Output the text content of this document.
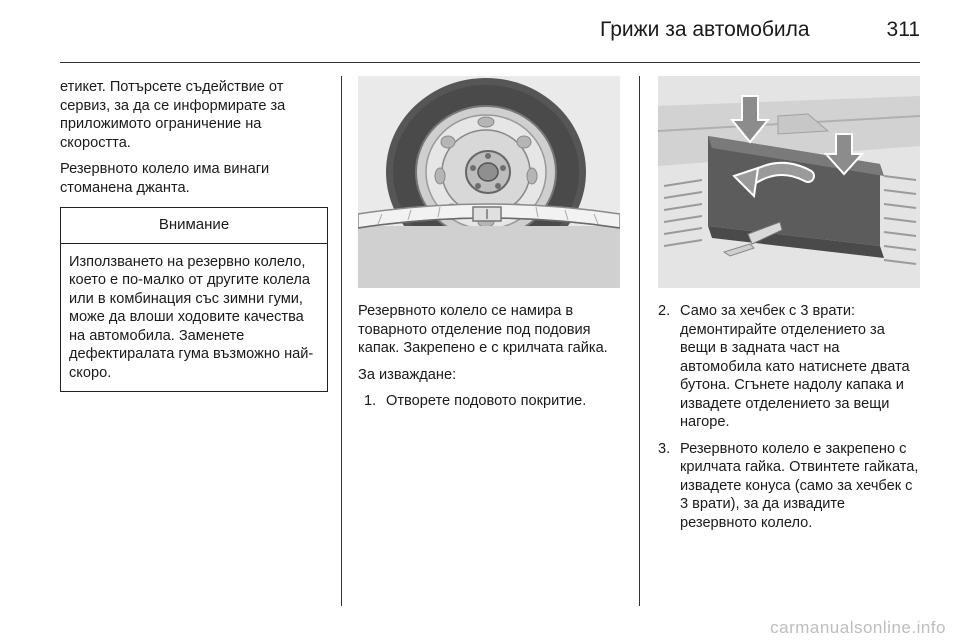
Грижи за автомобила	311

етикет. Потърсете съдействие от сервиз, за да се информирате за приложимото ограничение на скоростта.

Резервното колело има винаги стоманена джанта.

Внимание
Използването на резервно колело, което е по-малко от другите колела или в комбинация със зимни гуми, може да влоши ходовите качества на автомобила. Заменете дефектиралата гума възможно най-скоро.

Резервното колело се намира в товарното отделение под подовия капак. Закрепено е с крилчата гайка.

За изваждане:

1. Отворете подовото покритие.
2. Само за хечбек с 3 врати: демонтирайте отделението за вещи в задната част на автомобила като натиснете двата бутона. Сгънете надолу капака и извадете отделението за вещи нагоре.
3. Резервното колело е закрепено с крилчата гайка. Отвинтете гайката, извадете конуса (само за хечбек с 3 врати), за да извадите резервното колело.
carmanualsonline.info
